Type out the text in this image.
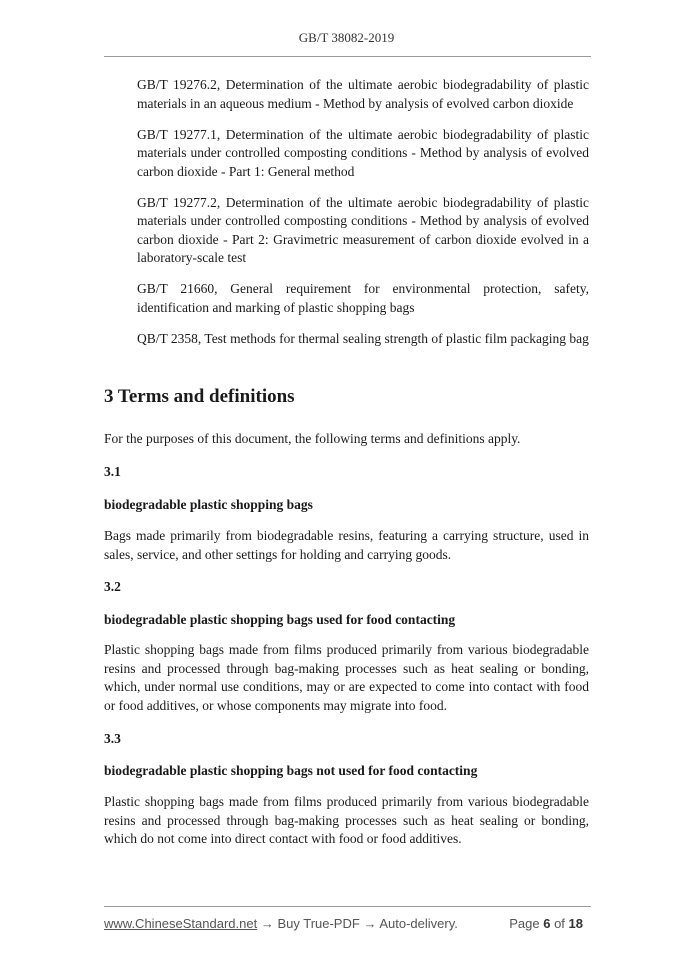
GB/T 38082-2019

GB/T 19276.2, Determination of the ultimate aerobic biodegradability of plastic materials in an aqueous medium - Method by analysis of evolved carbon dioxide

GB/T 19277.1, Determination of the ultimate aerobic biodegradability of plastic materials under controlled composting conditions - Method by analysis of evolved carbon dioxide - Part 1: General method

GB/T 19277.2, Determination of the ultimate aerobic biodegradability of plastic materials under controlled composting conditions - Method by analysis of evolved carbon dioxide - Part 2: Gravimetric measurement of carbon dioxide evolved in a laboratory-scale test

GB/T 21660, General requirement for environmental protection, safety, identification and marking of plastic shopping bags

QB/T 2358, Test methods for thermal sealing strength of plastic film packaging bag

3 Terms and definitions

For the purposes of this document, the following terms and definitions apply.

3.1

biodegradable plastic shopping bags

Bags made primarily from biodegradable resins, featuring a carrying structure, used in sales, service, and other settings for holding and carrying goods.

3.2

biodegradable plastic shopping bags used for food contacting

Plastic shopping bags made from films produced primarily from various biodegradable resins and processed through bag-making processes such as heat sealing or bonding, which, under normal use conditions, may or are expected to come into contact with food or food additives, or whose components may migrate into food.

3.3

biodegradable plastic shopping bags not used for food contacting

Plastic shopping bags made from films produced primarily from various biodegradable resins and processed through bag-making processes such as heat sealing or bonding, which do not come into direct contact with food or food additives.

www.ChineseStandard.net → Buy True-PDF → Auto-delivery.	Page 6 of 18
